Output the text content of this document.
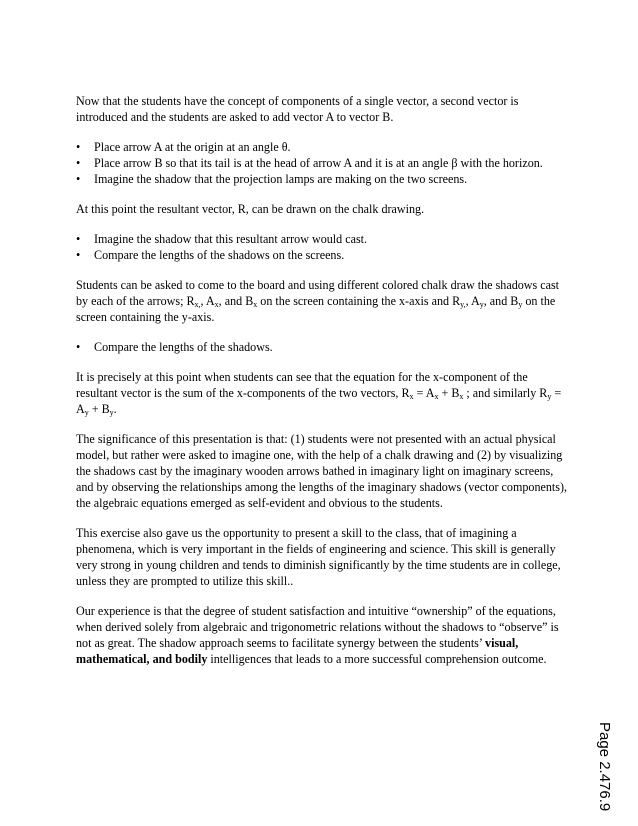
Now that the students have the concept of components of a single vector, a second vector is introduced and the students are asked to add vector A to vector B.

• Place arrow A at the origin at an angle θ.
• Place arrow B so that its tail is at the head of arrow A and it is at an angle β with the horizon.
• Imagine the shadow that the projection lamps are making on the two screens.

At this point the resultant vector, R, can be drawn on the chalk drawing.

• Imagine the shadow that this resultant arrow would cast.
• Compare the lengths of the shadows on the screens.

Students can be asked to come to the board and using different colored chalk draw the shadows cast by each of the arrows; $R_{x,}$, $A_x$, and $B_x$ on the screen containing the x-axis and $R_{y,}$, $A_y$, and $B_y$ on the screen containing the y-axis.

• Compare the lengths of the shadows.

It is precisely at this point when students can see that the equation for the x-component of the resultant vector is the sum of the x-components of the two vectors, $R_x = A_x + B_x$ ; and similarly $R_y = A_y + B_y$.

The significance of this presentation is that: (1) students were not presented with an actual physical model, but rather were asked to imagine one, with the help of a chalk drawing and (2) by visualizing the shadows cast by the imaginary wooden arrows bathed in imaginary light on imaginary screens, and by observing the relationships among the lengths of the imaginary shadows (vector components), the algebraic equations emerged as self-evident and obvious to the students.

This exercise also gave us the opportunity to present a skill to the class, that of imagining a phenomena, which is very important in the fields of engineering and science. This skill is generally very strong in young children and tends to diminish significantly by the time students are in college, unless they are prompted to utilize this skill..

Our experience is that the degree of student satisfaction and intuitive “ownership” of the equations, when derived solely from algebraic and trigonometric relations without the shadows to “observe” is not as great. The shadow approach seems to facilitate synergy between the students’ visual, mathematical, and bodily intelligences that leads to a more successful comprehension outcome.

Page 2.476.9
